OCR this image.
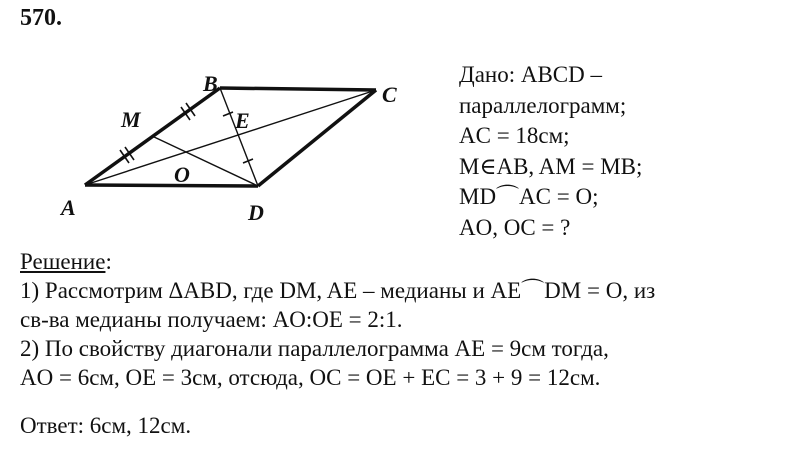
570.
A
B	C
D
M	E
O
Дано: ABCD –
параллелограмм;
AC = 18см;
M∈AB, AM = MB;
MD⌒AC = O;
AO, OC = ?
Решение:
1) Рассмотрим ΔABD, где DM, AE – медианы и AE⌒DM = O, из
св-ва медианы получаем: AO:OE = 2:1.
2) По свойству диагонали параллелограмма AE = 9см тогда,
AO = 6см, OE = 3см, отсюда, OC = OE + EC = 3 + 9 = 12см.
Ответ: 6см, 12см.
